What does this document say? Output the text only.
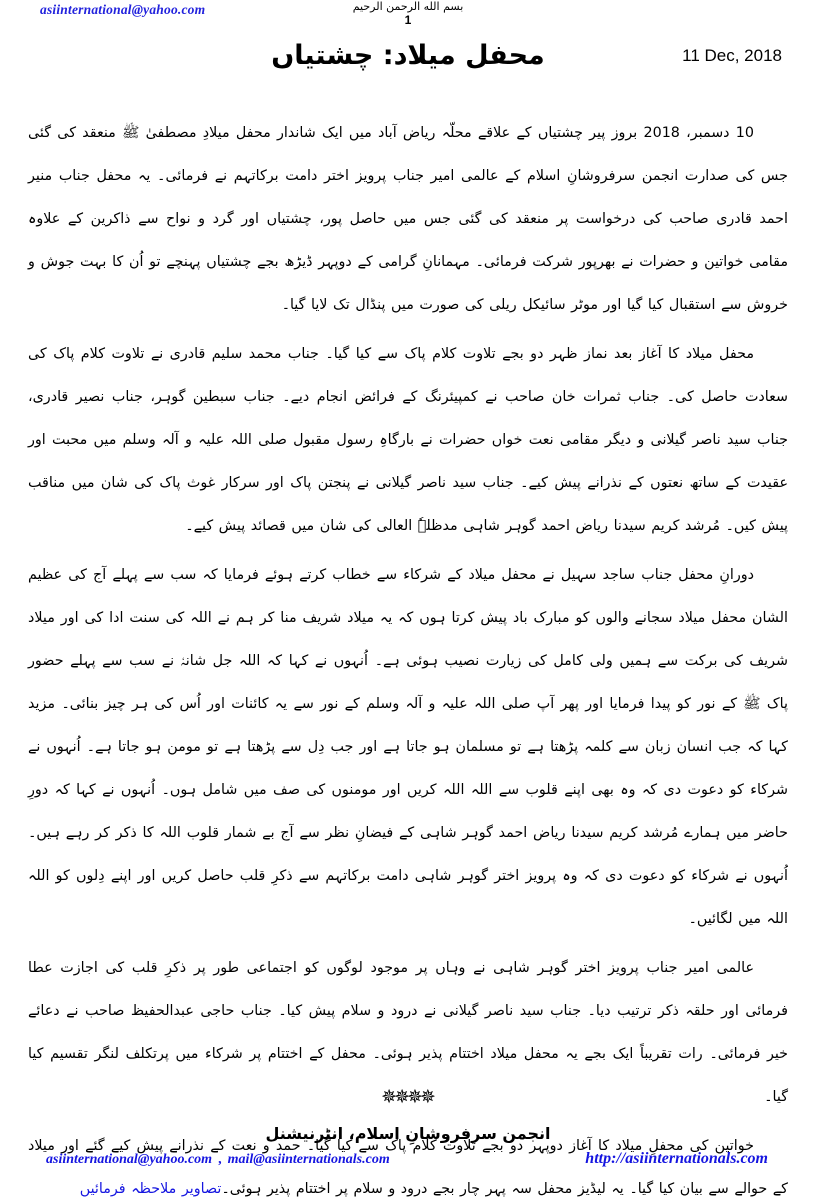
asiinternational@yahoo.com	بسم الله الرحمن الرحيم
1
محفل میلاد: چشتیاں	11 Dec, 2018

10 دسمبر، 2018 بروز پیر چشتیاں کے علاقے محلّہ ریاض آباد میں ایک شاندار محفل میلادِ مصطفیٰ ﷺ منعقد کی گئی جس کی صدارت انجمن سرفروشانِ اسلام کے عالمی امیر جناب پرویز اختر دامت برکاتہم نے فرمائی۔ یہ محفل جناب منیر احمد قادری صاحب کی درخواست پر منعقد کی گئی جس میں حاصل پور، چشتیاں اور گرد و نواح سے ذاکرین کے علاوہ مقامی خواتین و حضرات نے بھرپور شرکت فرمائی۔ مہمانانِ گرامی کے دوپہر ڈیڑھ بجے چشتیاں پہنچے تو اُن کا بہت جوش و خروش سے استقبال کیا گیا اور موٹر سائیکل ریلی کی صورت میں پنڈال تک لایا گیا۔

محفل میلاد کا آغاز بعد نماز ظہر دو بجے تلاوت کلام پاک سے کیا گیا۔ جناب محمد سلیم قادری نے تلاوت کلام پاک کی سعادت حاصل کی۔ جناب ثمرات خان صاحب نے کمپیئرنگ کے فرائض انجام دیے۔ جناب سبطین گوہر، جناب نصیر قادری، جناب سید ناصر گیلانی و دیگر مقامی نعت خواں حضرات نے بارگاہِ رسول مقبول صلی اللہ علیہ و آلہ وسلم میں محبت اور عقیدت کے ساتھ نعتوں کے نذرانے پیش کیے۔ جناب سید ناصر گیلانی نے پنجتن پاک اور سرکار غوث پاک کی شان میں مناقب پیش کیں۔ مُرشد کریم سیدنا ریاض احمد گوہر شاہی مدظلہٗ العالی کی شان میں قصائد پیش کیے۔

دورانِ محفل جناب ساجد سہیل نے محفل میلاد کے شرکاء سے خطاب کرتے ہوئے فرمایا کہ سب سے پہلے آج کی عظیم الشان محفل میلاد سجانے والوں کو مبارک باد پیش کرتا ہوں کہ یہ میلاد شریف منا کر ہم نے اللہ کی سنت ادا کی اور میلاد شریف کی برکت سے ہمیں ولی کامل کی زیارت نصیب ہوئی ہے۔ اُنہوں نے کہا کہ اللہ جل شانہٗ نے سب سے پہلے حضور پاک ﷺ کے نور کو پیدا فرمایا اور پھر آپ صلی اللہ علیہ و آلہ وسلم کے نور سے یہ کائنات اور اُس کی ہر چیز بنائی۔ مزید کہا کہ جب انسان زبان سے کلمہ پڑھتا ہے تو مسلمان ہو جاتا ہے اور جب دِل سے پڑھتا ہے تو مومن ہو جاتا ہے۔ اُنہوں نے شرکاء کو دعوت دی کہ وہ بھی اپنے قلوب سے اللہ اللہ کریں اور مومنوں کی صف میں شامل ہوں۔ اُنہوں نے کہا کہ دورِ حاضر میں ہمارے مُرشد کریم سیدنا ریاض احمد گوہر شاہی کے فیضانِ نظر سے آج بے شمار قلوب اللہ کا ذکر کر رہے ہیں۔ اُنہوں نے شرکاء کو دعوت دی کہ وہ پرویز اختر گوہر شاہی دامت برکاتہم سے ذکرِ قلب حاصل کریں اور اپنے دِلوں کو اللہ اللہ میں لگائیں۔

عالمی امیر جناب پرویز اختر گوہر شاہی نے وہاں پر موجود لوگوں کو اجتماعی طور پر ذکرِ قلب کی اجازت عطا فرمائی اور حلقہ ذکر ترتیب دیا۔ جناب سید ناصر گیلانی نے درود و سلام پیش کیا۔ جناب حاجی عبدالحفیظ صاحب نے دعائے خیر فرمائی۔ رات تقریباً ایک بجے یہ محفل میلاد اختتام پذیر ہوئی۔ محفل کے اختتام پر شرکاء میں پرتکلف لنگر تقسیم کیا گیا۔

خواتین کی محفلِ میلاد کا آغاز دوپہر دو بجے تلاوت کلام پاک سے کیا گیا۔ حمد و نعت کے نذرانے پیش کیے گئے اور میلاد کے حوالے سے بیان کیا گیا۔ یہ لیڈیز محفل سہ پہر چار بجے درود و سلام پر اختتام پذیر ہوئی۔تصاویر ملاحظہ فرمائیں

✵✵✵✵
انجمن سرفروشانِ اسلام، انٹرنیشنل
asiinternational@yahoo.com , mail@asiinternationals.com	http://asiinternationals.com
